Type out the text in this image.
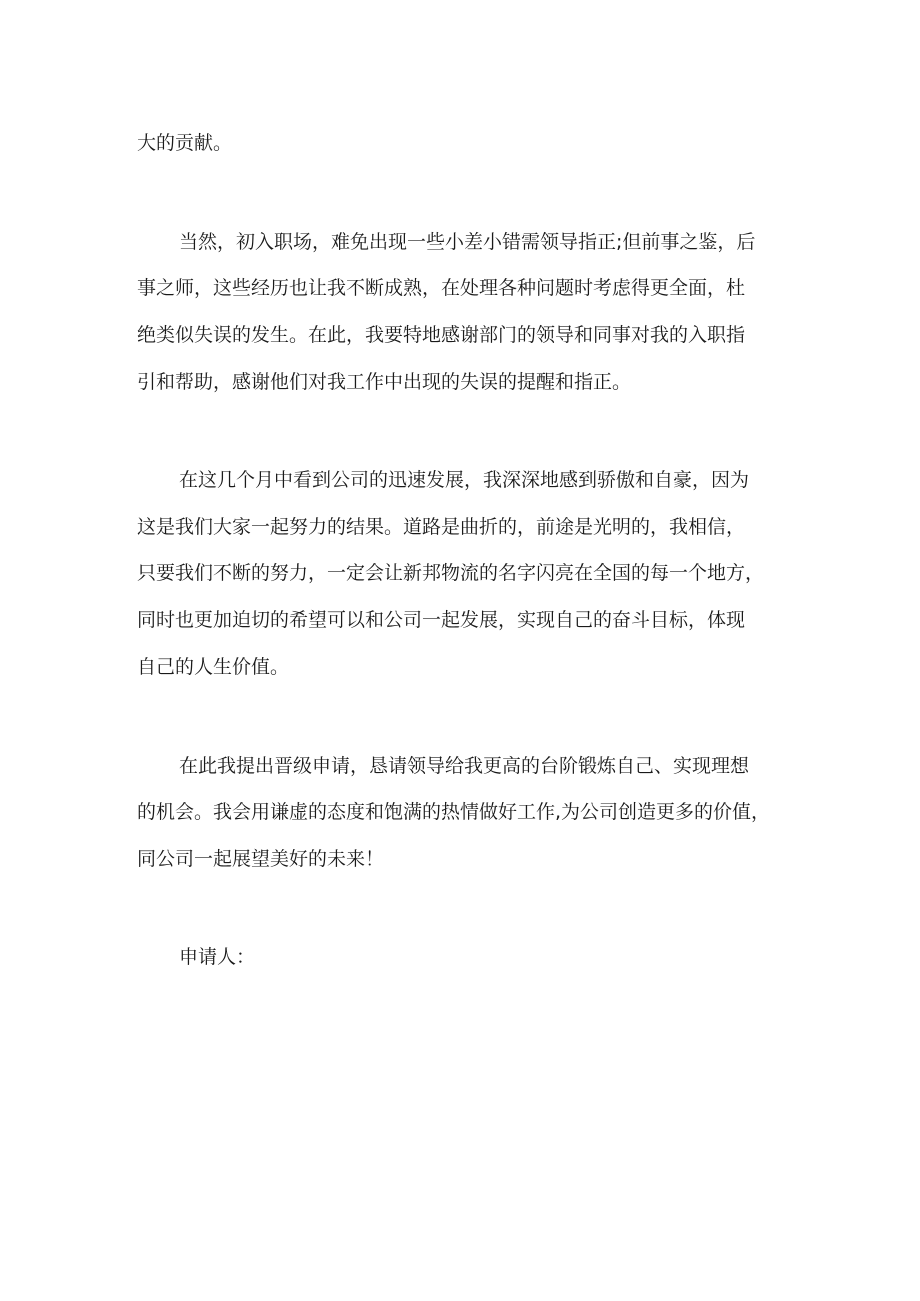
大的贡献。

当然，初入职场，难免出现一些小差小错需领导指正;但前事之鉴，后

事之师，这些经历也让我不断成熟，在处理各种问题时考虑得更全面，杜

绝类似失误的发生。在此，我要特地感谢部门的领导和同事对我的入职指

引和帮助，感谢他们对我工作中出现的失误的提醒和指正。

在这几个月中看到公司的迅速发展，我深深地感到骄傲和自豪，因为

这是我们大家一起努力的结果。道路是曲折的，前途是光明的，我相信，

只要我们不断的努力，一定会让新邦物流的名字闪亮在全国的每一个地方，

同时也更加迫切的希望可以和公司一起发展，实现自己的奋斗目标，体现

自己的人生价值。

在此我提出晋级申请，恳请领导给我更高的台阶锻炼自己、实现理想

的机会。我会用谦虚的态度和饱满的热情做好工作,为公司创造更多的价值，

同公司一起展望美好的未来！

申请人：
